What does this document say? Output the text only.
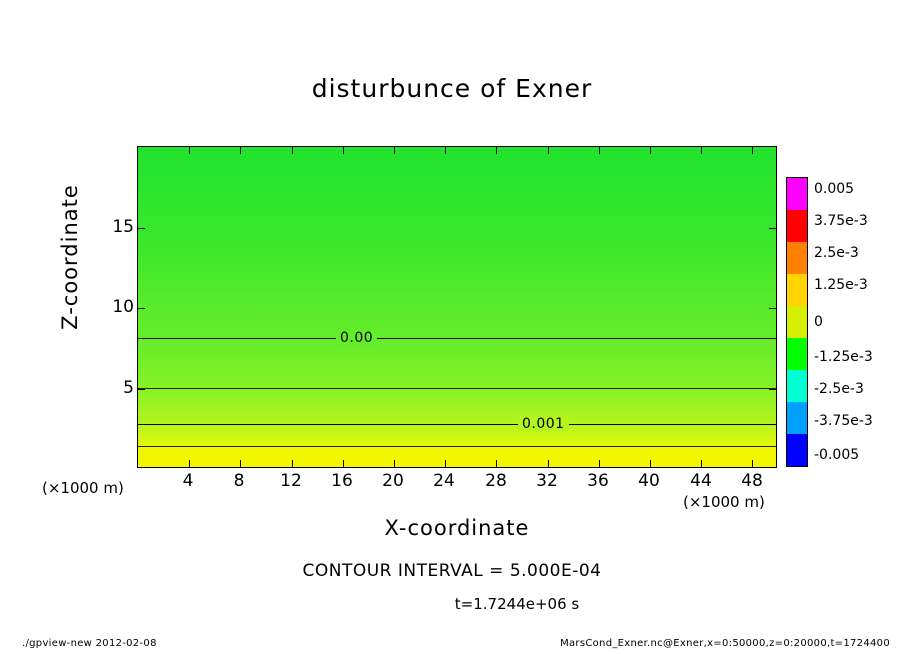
disturbunce of Exner
0.00
0.001
4 8 12 16 20 24 28 32 36 40 44 48
5
10
15
X-coordinate
Z-coordinate
(×1000 m)
(×1000 m)
0.005
3.75e-3
2.5e-3
1.25e-3
0
-1.25e-3
-2.5e-3
-3.75e-3
-0.005
CONTOUR INTERVAL = 5.000E-04
t=1.7244e+06 s
./gpview-new 2012-02-08	MarsCond_Exner.nc@Exner,x=0:50000,z=0:20000,t=1724400
